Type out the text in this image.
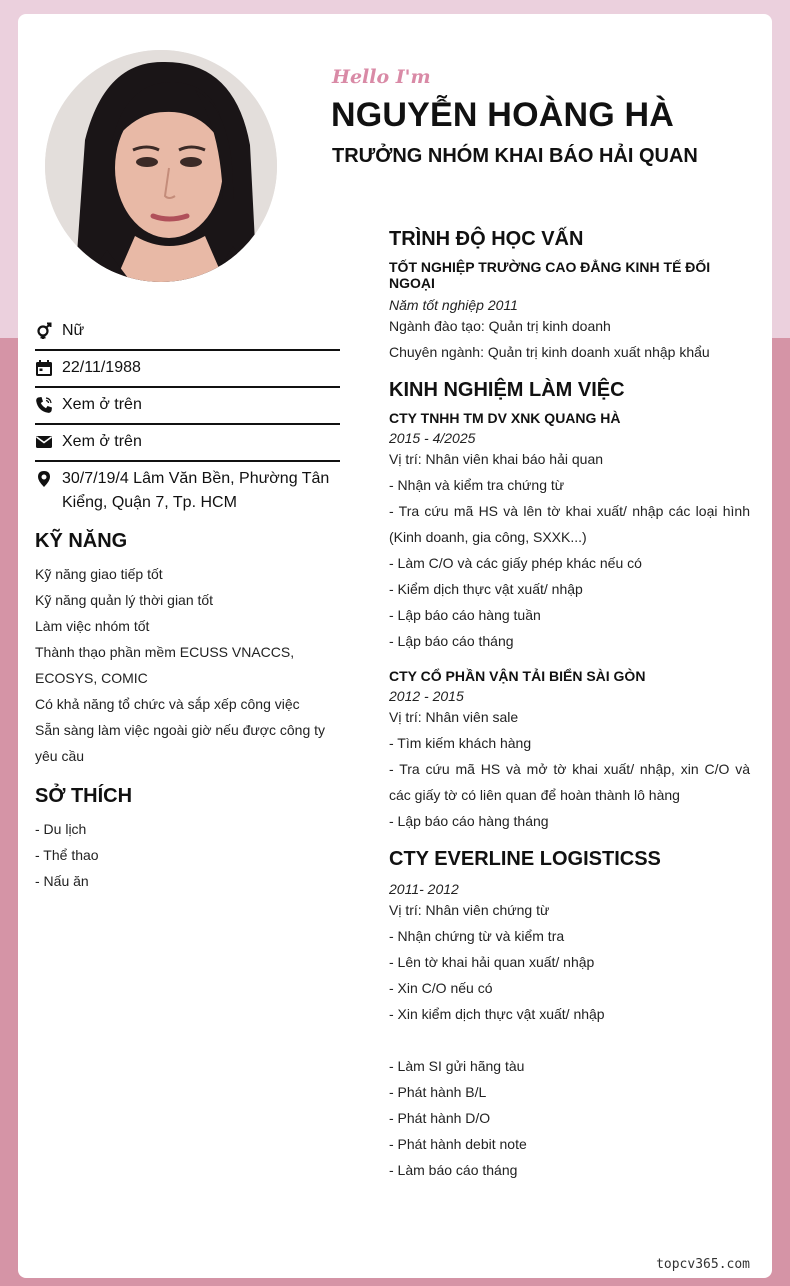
Hello I'm
NGUYỄN HOÀNG HÀ
TRƯỞNG NHÓM KHAI BÁO HẢI QUAN
Nữ
22/11/1988
Xem ở trên
Xem ở trên
30/7/19/4 Lâm Văn Bền, Phường Tân Kiểng, Quận 7, Tp. HCM
KỸ NĂNG
Kỹ năng giao tiếp tốt
Kỹ năng quản lý thời gian tốt
Làm việc nhóm tốt
Thành thạo phần mềm ECUSS VNACCS, ECOSYS, COMIC
Có khả năng tổ chức và sắp xếp công việc
Sẵn sàng làm việc ngoài giờ nếu được công ty yêu cầu
SỞ THÍCH
- Du lịch
- Thể thao
- Nấu ăn
TRÌNH ĐỘ HỌC VẤN
TỐT NGHIỆP TRƯỜNG CAO ĐẲNG KINH TẾ ĐỐI NGOẠI
Năm tốt nghiệp 2011
Ngành đào tạo: Quản trị kinh doanh
Chuyên ngành: Quản trị kinh doanh xuất nhập khẩu
KINH NGHIỆM LÀM VIỆC
CTY TNHH TM DV XNK QUANG HÀ
2015 - 4/2025
Vị trí: Nhân viên khai báo hải quan
- Nhận và kiểm tra chứng từ
- Tra cứu mã HS và lên tờ khai xuất/ nhập các loại hình (Kinh doanh, gia công, SXXK...)
- Làm C/O và các giấy phép khác nếu có
- Kiểm dịch thực vật xuất/ nhập
- Lập báo cáo hàng tuần
- Lập báo cáo tháng
CTY CỔ PHẦN VẬN TẢI BIỂN SÀI GÒN
2012 - 2015
Vị trí: Nhân viên sale
- Tìm kiếm khách hàng
- Tra cứu mã HS và mở tờ khai xuất/ nhập, xin C/O và các giấy tờ có liên quan để hoàn thành lô hàng
- Lập báo cáo hàng tháng
CTY EVERLINE LOGISTICSS
2011- 2012
Vị trí: Nhân viên chứng từ
- Nhận chứng từ và kiểm tra
- Lên tờ khai hải quan xuất/ nhập
- Xin C/O nếu có
- Xin kiểm dịch thực vật xuất/ nhập
- Làm SI gửi hãng tàu
- Phát hành B/L
- Phát hành D/O
- Phát hành debit note
- Làm báo cáo tháng
topcv365.com
